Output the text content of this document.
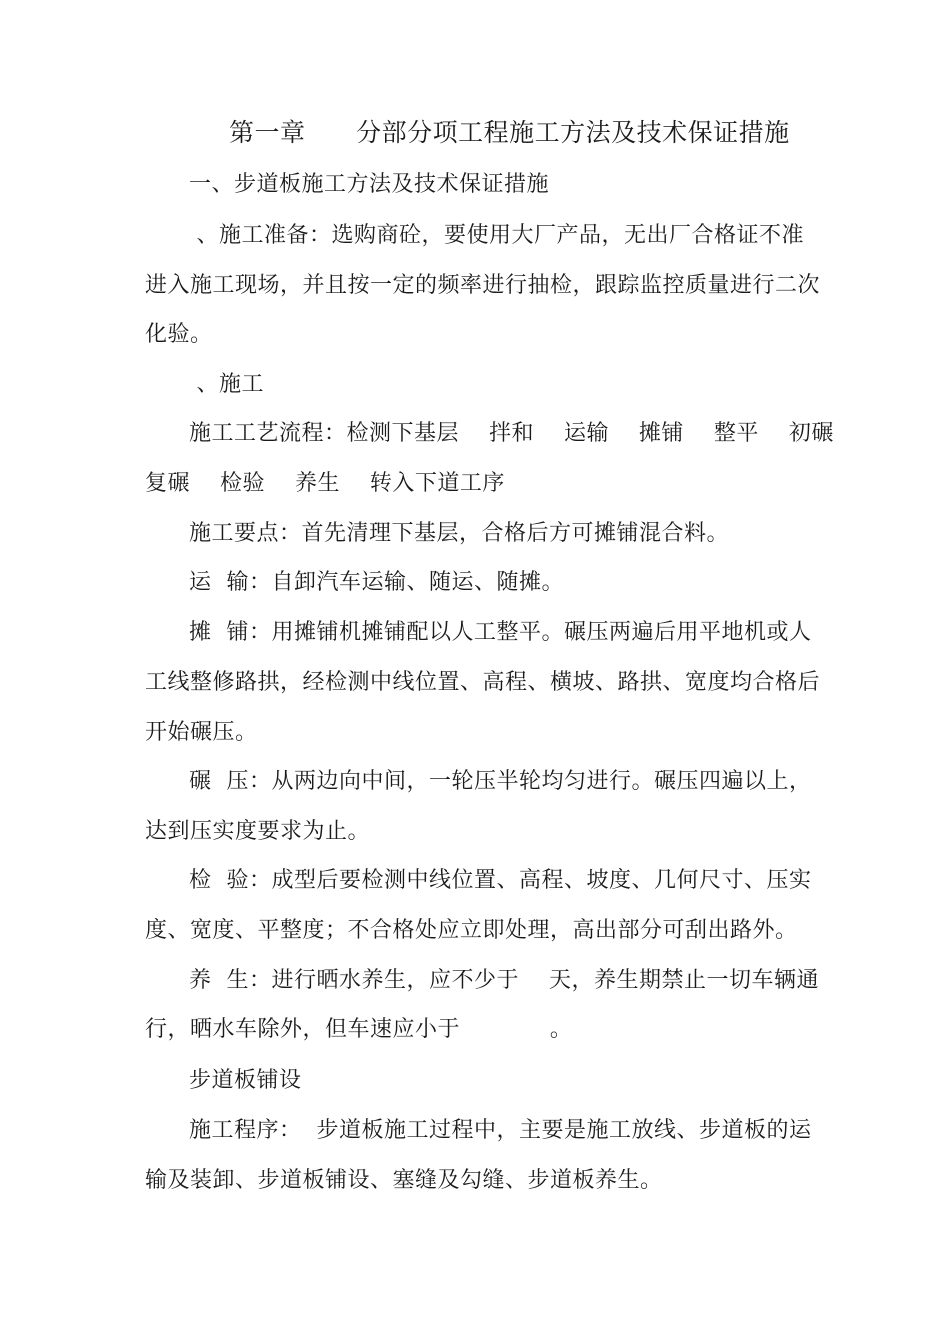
第一章      分部分项工程施工方法及技术保证措施
一、步道板施工方法及技术保证措施
、施工准备：选购商砼，要使用大厂产品，无出厂合格证不准
进入施工现场，并且按一定的频率进行抽检，跟踪监控质量进行二次
化验。
、施工
施工工艺流程：检测下基层    拌和    运输    摊铺    整平    初碾
复碾    检验    养生    转入下道工序
施工要点：首先清理下基层，合格后方可摊铺混合料。
运  输：自卸汽车运输、随运、随摊。
摊  铺：用摊铺机摊铺配以人工整平。碾压两遍后用平地机或人
工线整修路拱，经检测中线位置、高程、横坡、路拱、宽度均合格后
开始碾压。
碾  压：从两边向中间，一轮压半轮均匀进行。碾压四遍以上，
达到压实度要求为止。
检  验：成型后要检测中线位置、高程、坡度、几何尺寸、压实
度、宽度、平整度；不合格处应立即处理，高出部分可刮出路外。
养  生：进行晒水养生，应不少于    天，养生期禁止一切车辆通
行，晒水车除外，但车速应小于            。
步道板铺设
施工程序：  步道板施工过程中，主要是施工放线、步道板的运
输及装卸、步道板铺设、塞缝及勾缝、步道板养生。
